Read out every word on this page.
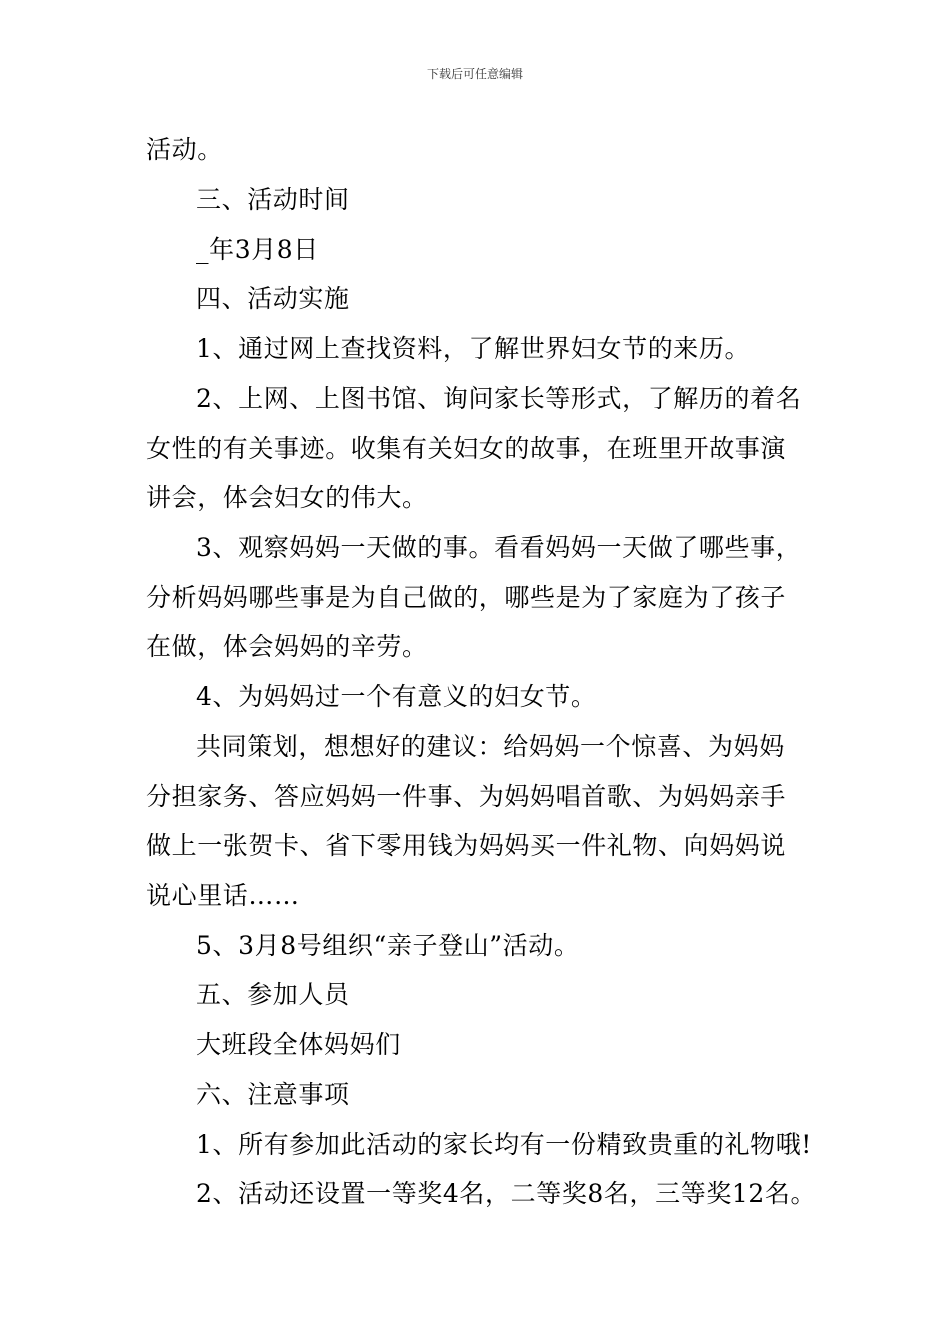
下载后可任意编辑
活动。
三、活动时间
_年3月8日
四、活动实施
1、通过网上查找资料，了解世界妇女节的来历。
2、上网、上图书馆、询问家长等形式，了解历的着名
女性的有关事迹。收集有关妇女的故事，在班里开故事演
讲会，体会妇女的伟大。
3、观察妈妈一天做的事。看看妈妈一天做了哪些事，
分析妈妈哪些事是为自己做的，哪些是为了家庭为了孩子
在做，体会妈妈的辛劳。
4、为妈妈过一个有意义的妇女节。
共同策划，想想好的建议：给妈妈一个惊喜、为妈妈
分担家务、答应妈妈一件事、为妈妈唱首歌、为妈妈亲手
做上一张贺卡、省下零用钱为妈妈买一件礼物、向妈妈说
说心里话……
5、3月8号组织“亲子登山”活动。
五、参加人员
大班段全体妈妈们
六、注意事项
1、所有参加此活动的家长均有一份精致贵重的礼物哦!
2、活动还设置一等奖4名，二等奖8名，三等奖12名。
